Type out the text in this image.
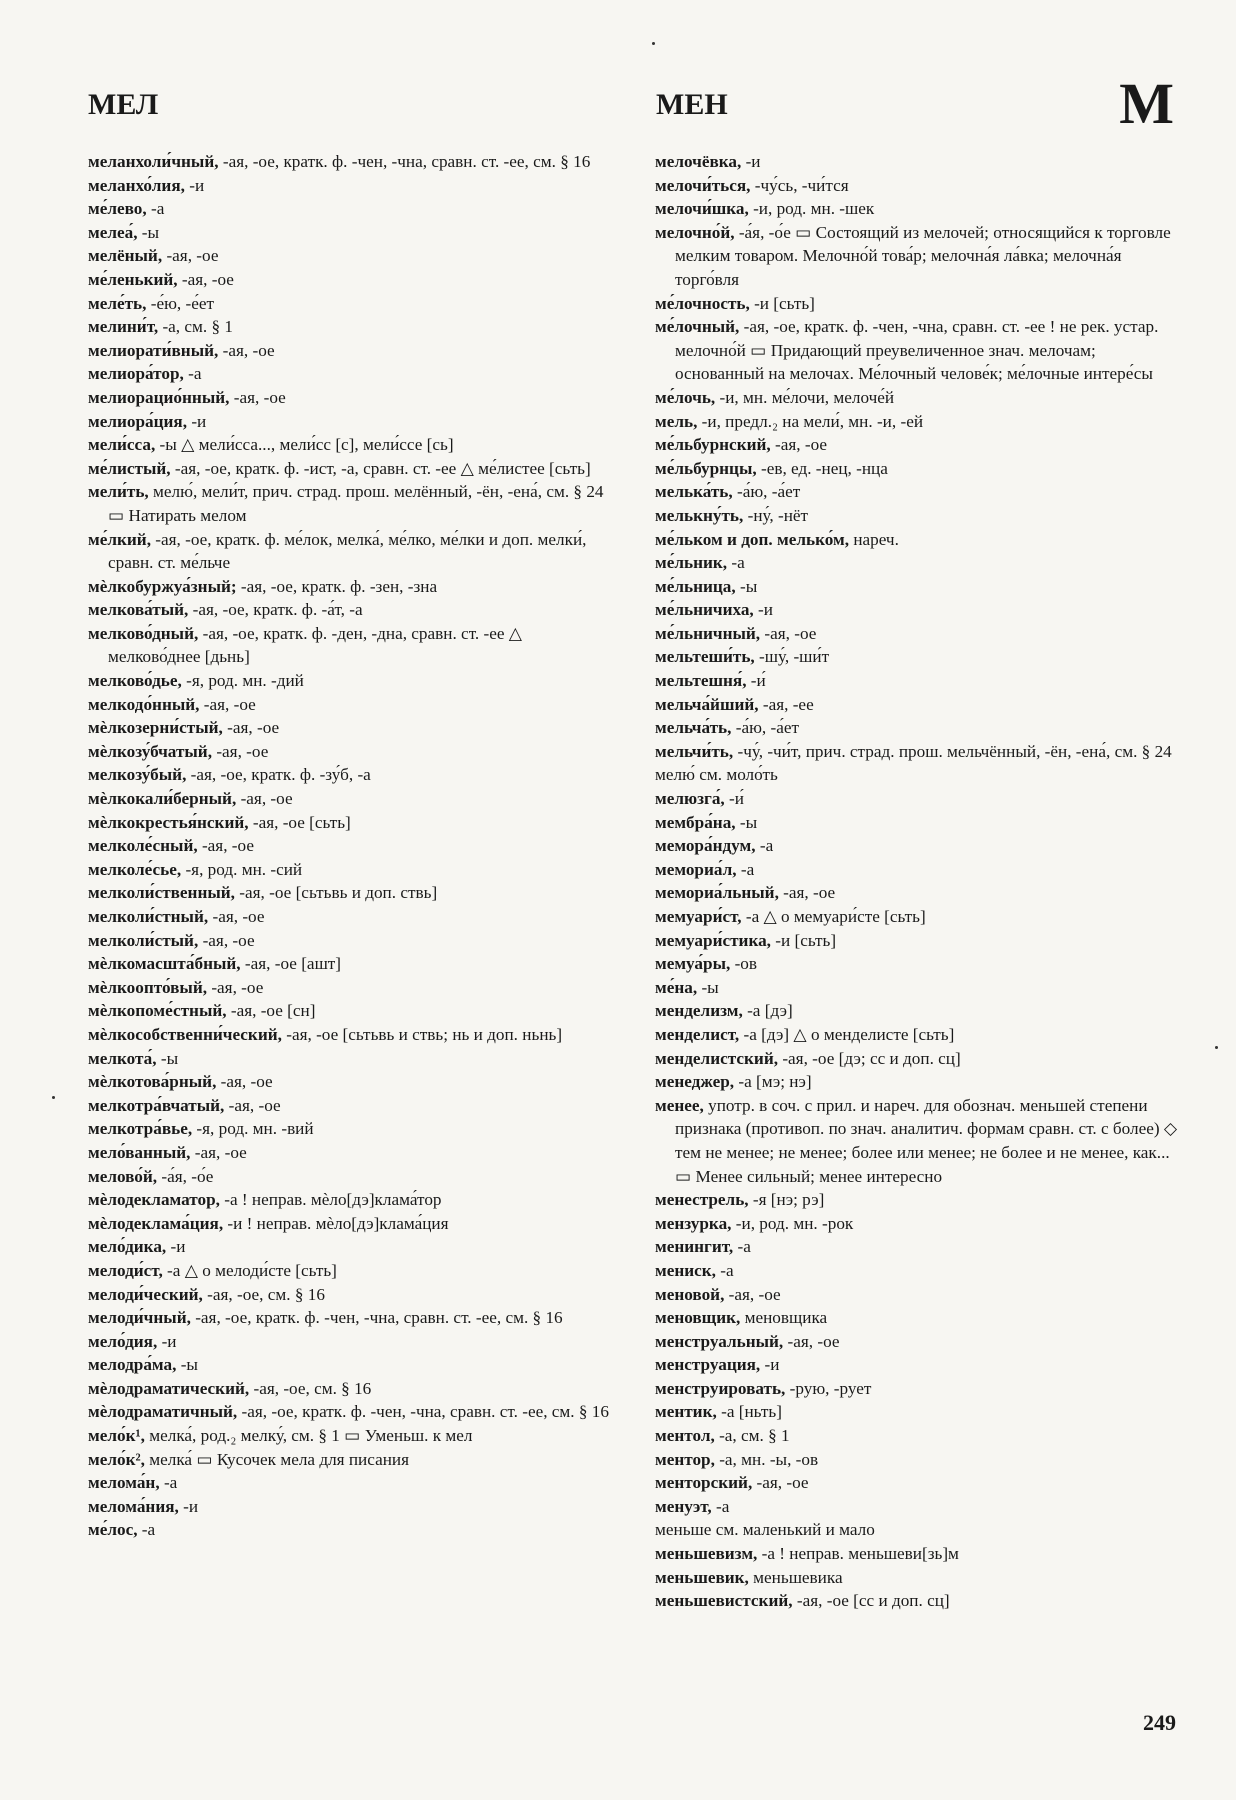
МЕЛ	МЕН	М

меланхоли́чный, -ая, -ое, кратк. ф. -чен, -чна, сравн. ст. -ее, см. § 16

меланхо́лия, -и

ме́лево, -а

мелеа́, -ы

мелёный, -ая, -ое

ме́ленький, -ая, -ое

меле́ть, -е́ю, -е́ет

мелини́т, -а, см. § 1

мелиорати́вный, -ая, -ое

мелиора́тор, -а

мелиорацио́нный, -ая, -ое

мелиора́ция, -и

мели́сса, -ы △ мели́сса..., мели́сс [с], мели́ссе [сь]

ме́листый, -ая, -ое, кратк. ф. -ист, -а, сравн. ст. -ее △ ме́листее [сьть]

мели́ть, мелю́, мели́т, прич. страд. прош. мелённый, -ён, -ена́, см. § 24 ▭ Натирать мелом

ме́лкий, -ая, -ое, кратк. ф. ме́лок, мелка́, ме́лко, ме́лки и доп. мелки́, сравн. ст. ме́льче

мѐлкобуржуа́зный; -ая, -ое, кратк. ф. -зен, -зна

мелкова́тый, -ая, -ое, кратк. ф. -а́т, -а

мелково́дный, -ая, -ое, кратк. ф. -ден, -дна, сравн. ст. -ее △ мелково́днее [дьнь]

мелково́дье, -я, род. мн. -дий

мелкодо́нный, -ая, -ое

мѐлкозерни́стый, -ая, -ое

мѐлкозу́бчатый, -ая, -ое

мелкозу́бый, -ая, -ое, кратк. ф. -зу́б, -а

мѐлкокали́берный, -ая, -ое

мѐлкокрестья́нский, -ая, -ое [сьть]

мелколе́сный, -ая, -ое

мелколе́сье, -я, род. мн. -сий

мелколи́ственный, -ая, -ое [сьтьвь и доп. ствь]

мелколи́стный, -ая, -ое

мелколи́стый, -ая, -ое

мѐлкомасшта́бный, -ая, -ое [ашт]

мѐлкоопто́вый, -ая, -ое

мѐлкопоме́стный, -ая, -ое [сн]

мѐлкособственни́ческий, -ая, -ое [сьтьвь и ствь; нь и доп. ньнь]

мелкота́, -ы

мѐлкотова́рный, -ая, -ое

мелкотра́вчатый, -ая, -ое

мелкотра́вье, -я, род. мн. -вий

мело́ванный, -ая, -ое

мелово́й, -а́я, -о́е

мѐлодекламатор, -а ! неправ. мѐло[дэ]клама́тор

мѐлодеклама́ция, -и ! неправ. мѐло[дэ]клама́ция

мело́дика, -и

мелоди́ст, -а △ о мелоди́сте [сьть]

мелоди́ческий, -ая, -ое, см. § 16

мелоди́чный, -ая, -ое, кратк. ф. -чен, -чна, сравн. ст. -ее, см. § 16

мело́дия, -и

мелодра́ма, -ы

мѐлодраматический, -ая, -ое, см. § 16

мѐлодраматичный, -ая, -ое, кратк. ф. -чен, -чна, сравн. ст. -ее, см. § 16

мело́к¹, мелка́, род.₂ мелку́, см. § 1 ▭ Уменьш. к мел

мело́к², мелка́ ▭ Кусочек мела для писания

мелома́н, -а

мелома́ния, -и

ме́лос, -а

мелочёвка, -и

мелочи́ться, -чу́сь, -чи́тся

мелочи́шка, -и, род. мн. -шек

мелочно́й, -а́я, -о́е ▭ Состоящий из мелочей; относящийся к торговле мелким товаром. Мелочно́й това́р; мелочна́я ла́вка; мелочна́я торго́вля

ме́лочность, -и [сьть]

ме́лочный, -ая, -ое, кратк. ф. -чен, -чна, сравн. ст. -ее ! не рек. устар. мелочно́й ▭ Придающий преувеличенное знач. мелочам; основанный на мелочах. Ме́лочный челове́к; ме́лочные интере́сы

ме́лочь, -и, мн. ме́лочи, мелоче́й

мель, -и, предл.₂ на мели́, мн. -и, -ей

ме́льбурнский, -ая, -ое

ме́льбурнцы, -ев, ед. -нец, -нца

мелька́ть, -а́ю, -а́ет

мелькну́ть, -ну́, -нёт

ме́льком и доп. мелько́м, нареч.

ме́льник, -а

ме́льница, -ы

ме́льничиха, -и

ме́льничный, -ая, -ое

мельтеши́ть, -шу́, -ши́т

мельтешня́, -и́

мельча́йший, -ая, -ее

мельча́ть, -а́ю, -а́ет

мельчи́ть, -чу́, -чи́т, прич. страд. прош. мельчённый, -ён, -ена́, см. § 24

мелю́ см. моло́ть

мелюзга́, -и́

мембра́на, -ы

мемора́ндум, -а

мемориа́л, -а

мемориа́льный, -ая, -ое

мемуари́ст, -а △ о мемуари́сте [сьть]

мемуари́стика, -и [сьть]

мемуа́ры, -ов

ме́на, -ы

менделизм, -а [дэ]

менделист, -а [дэ] △ о менделисте [сьть]

менделистский, -ая, -ое [дэ; сс и доп. сц]

менеджер, -а [мэ; нэ]

менее, употр. в соч. с прил. и нареч. для обознач. меньшей степени признака (противоп. по знач. аналитич. формам сравн. ст. с более) ◇ тем не менее; не менее; более или менее; не более и не менее, как... ▭ Менее сильный; менее интересно

менестрель, -я [нэ; рэ]

мензурка, -и, род. мн. -рок

менингит, -а

мениск, -а

меновой, -ая, -ое

меновщик, меновщика

менструальный, -ая, -ое

менструация, -и

менструировать, -рую, -рует

ментик, -а [ньть]

ментол, -а, см. § 1

ментор, -а, мн. -ы, -ов

менторский, -ая, -ое

менуэт, -а

меньше см. маленький и мало

меньшевизм, -а ! неправ. меньшеви[зь]м

меньшевик, меньшевика

меньшевистский, -ая, -ое [сс и доп. сц]

249
